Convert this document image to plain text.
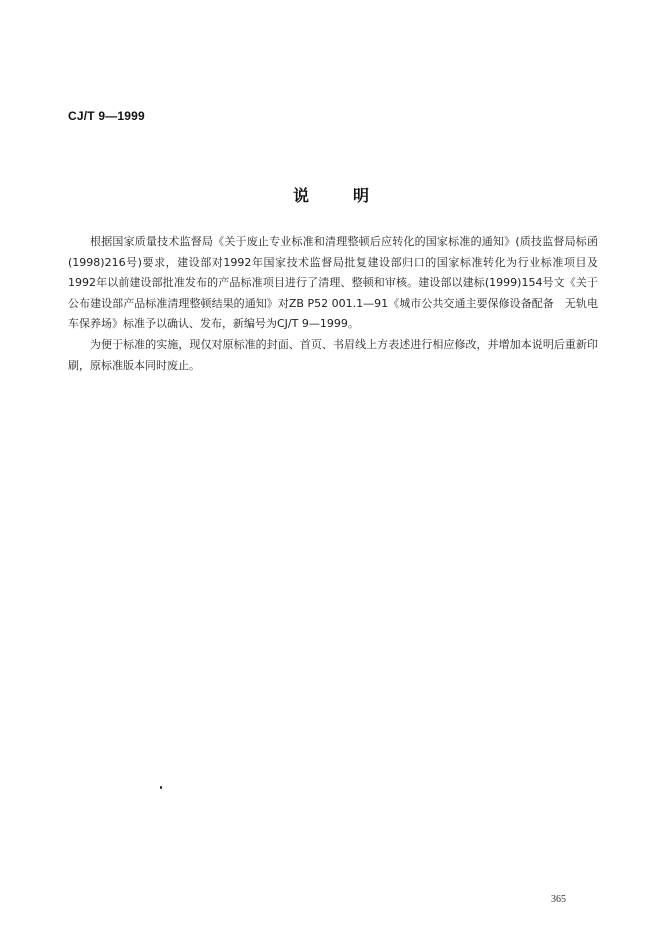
CJ/T 9—1999
说	明

根据国家质量技术监督局《关于废止专业标准和清理整顿后应转化的国家标准的通知》(质技监督局标函(1998)216号)要求，建设部对1992年国家技术监督局批复建设部归口的国家标准转化为行业标准项目及1992年以前建设部批准发布的产品标准项目进行了清理、整顿和审核。建设部以建标(1999)154号文《关于公布建设部产品标准清理整顿结果的通知》对ZB P52 001.1—91《城市公共交通主要保修设备配备　无轨电车保养场》标准予以确认、发布，新编号为CJ/T 9—1999。

为便于标准的实施，现仅对原标准的封面、首页、书眉线上方表述进行相应修改，并增加本说明后重新印刷，原标准版本同时废止。

365
